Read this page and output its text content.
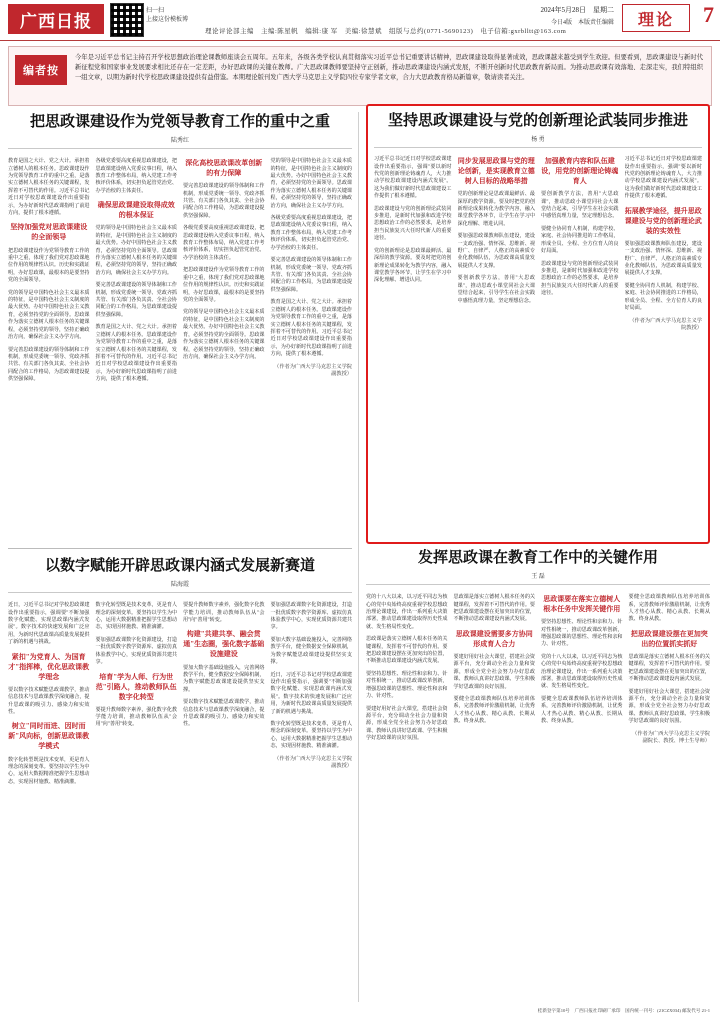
广西日报
扫一扫
上接这份模板博
理论评论部主编　主编:陈星帆　编辑:康 军　美编:徐慧斌　组版与总约(0771-5690123)　电子信箱:gxrblltt@163.com
2024年5月28日　星期二
今日4版　本版责任编辑	理论	7
编者按
今年是习近平总书记主持召开学校思想政治理论课教师座谈会五周年。五年来，各级各类学校认真贯彻落实习近平总书记重要讲话精神，思政课建设取得显著成效，思政课越来越受到学生欢迎。但要看到，思政课建设与新时代新征程党和国家事业发展要求相比还存在一定差距，办好思政课的关键在教师。广大思政课教师要坚持守正创新，推动思政课建设内涵式发展，不断开创新时代思政教育新局面。为推动思政课有效落地、走深走实，我们特组织一组文章，以期为新时代学校思政课建设提供有益借鉴。本期理论版刊发广西大学马克思主义学院四位专家学者文章，合力大思政教育格局新篇章，敬请读者关注。
把思政课建设作为党领导教育工作的重中之重
陆秀红

教育是国之大计、党之大计。承担着立德树人的根本任务。思政课建设作为党领导教育工作的重中之重，是落实立德树人根本任务的关键课程，发挥着不可替代的作用。习近平总书记近日对学校思政课建设作出重要指示，为办好新时代思政课指明了前进方向，提供了根本遵循。

坚持加强党对思政课建设的全面领导

把思政课建设作为党领导教育工作的重中之重，体现了我们党对思政课地位作用的规律性认识。历史和实践证明，办好思政课，最根本的是要坚持党的全面领导。

党的领导是中国特色社会主义最本质的特征，是中国特色社会主义制度的最大优势。办好中国特色社会主义教育，必须坚持党的全面领导。思政课作为落实立德树人根本任务的关键课程，必须坚持党的领导，坚持正确政治方向，确保社会主义办学方向。

要完善思政课建设的领导体制和工作机制，形成党委统一领导、党政齐抓共管、有关部门各负其责、全社会协同配合的工作格局，为思政课建设提供坚强保障。

各级党委要高度重视思政课建设，把思政课建设纳入党委议事日程，纳入教育工作整体布局，纳入党建工作考核评价体系，切实担负起管党治党、办学治校的主体责任。

确保思政课建设取得成效的根本保证

党的领导是中国特色社会主义最本质的特征，是中国特色社会主义制度的最大优势。办好中国特色社会主义教育，必须坚持党的全面领导。思政课作为落实立德树人根本任务的关键课程，必须坚持党的领导，坚持正确政治方向，确保社会主义办学方向。

要完善思政课建设的领导体制和工作机制，形成党委统一领导、党政齐抓共管、有关部门各负其责、全社会协同配合的工作格局，为思政课建设提供坚强保障。

教育是国之大计、党之大计。承担着立德树人的根本任务。思政课建设作为党领导教育工作的重中之重，是落实立德树人根本任务的关键课程，发挥着不可替代的作用。习近平总书记近日对学校思政课建设作出重要指示，为办好新时代思政课指明了前进方向，提供了根本遵循。

深化高校思政课改革创新的有力保障

要完善思政课建设的领导体制和工作机制，形成党委统一领导、党政齐抓共管、有关部门各负其责、全社会协同配合的工作格局，为思政课建设提供坚强保障。

各级党委要高度重视思政课建设，把思政课建设纳入党委议事日程，纳入教育工作整体布局，纳入党建工作考核评价体系，切实担负起管党治党、办学治校的主体责任。

把思政课建设作为党领导教育工作的重中之重，体现了我们党对思政课地位作用的规律性认识。历史和实践证明，办好思政课，最根本的是要坚持党的全面领导。

党的领导是中国特色社会主义最本质的特征，是中国特色社会主义制度的最大优势。办好中国特色社会主义教育，必须坚持党的全面领导。思政课作为落实立德树人根本任务的关键课程，必须坚持党的领导，坚持正确政治方向，确保社会主义办学方向。

党的领导是中国特色社会主义最本质的特征，是中国特色社会主义制度的最大优势。办好中国特色社会主义教育，必须坚持党的全面领导。思政课作为落实立德树人根本任务的关键课程，必须坚持党的领导，坚持正确政治方向，确保社会主义办学方向。

各级党委要高度重视思政课建设，把思政课建设纳入党委议事日程，纳入教育工作整体布局，纳入党建工作考核评价体系，切实担负起管党治党、办学治校的主体责任。

要完善思政课建设的领导体制和工作机制，形成党委统一领导、党政齐抓共管、有关部门各负其责、全社会协同配合的工作格局，为思政课建设提供坚强保障。

教育是国之大计、党之大计。承担着立德树人的根本任务。思政课建设作为党领导教育工作的重中之重，是落实立德树人根本任务的关键课程，发挥着不可替代的作用。习近平总书记近日对学校思政课建设作出重要指示，为办好新时代思政课指明了前进方向，提供了根本遵循。

（作者为广西大学马克思主义学院副教授）
坚持思政课建设与党的创新理论武装同步推进
杨 勇

习近平总书记近日对学校思政课建设作出重要指示，强调"要以新时代党的创新理论铸魂育人，大力推动学校思政课建设内涵式发展"。这为我们做好新时代思政课建设工作提供了根本遵循。

思政课建设与党的创新理论武装同步推进，是新时代加强和改进学校思想政治工作的必然要求，是培养担当民族复兴大任时代新人的重要途径。

党的创新理论是思政课最鲜活、最深厚的教学资源。要及时把党的创新理论成果转化为教学内容，融入课堂教学各环节，让学生在学习中深化理解、增进认同。

同步发展思政课与党的理论创新，是实现教育立德树人目标的战略举措

党的创新理论是思政课最鲜活、最深厚的教学资源。要及时把党的创新理论成果转化为教学内容，融入课堂教学各环节，让学生在学习中深化理解、增进认同。

要加强思政课教师队伍建设，建设一支政治强、情怀深、思维新、视野广、自律严、人格正的高素质专业化教师队伍，为思政课高质量发展提供人才支撑。

要创新教学方法，善用"大思政课"，推动思政小课堂同社会大课堂结合起来，引导学生在社会实践中感悟真理力量，坚定理想信念。

加强教育内容和队伍建设，用党的创新理论铸魂育人

要创新教学方法，善用"大思政课"，推动思政小课堂同社会大课堂结合起来，引导学生在社会实践中感悟真理力量，坚定理想信念。

要健全协同育人机制，构建学校、家庭、社会协同推进的工作格局，形成全员、全程、全方位育人的良好局面。

思政课建设与党的创新理论武装同步推进，是新时代加强和改进学校思想政治工作的必然要求，是培养担当民族复兴大任时代新人的重要途径。

习近平总书记近日对学校思政课建设作出重要指示，强调"要以新时代党的创新理论铸魂育人，大力推动学校思政课建设内涵式发展"。这为我们做好新时代思政课建设工作提供了根本遵循。

拓展教学途径，提升思政课建设与党的创新理论武装的实效性

要加强思政课教师队伍建设，建设一支政治强、情怀深、思维新、视野广、自律严、人格正的高素质专业化教师队伍，为思政课高质量发展提供人才支撑。

要健全协同育人机制，构建学校、家庭、社会协同推进的工作格局，形成全员、全程、全方位育人的良好局面。

（作者为广西大学马克思主义学院教授）
发挥思政课在教育工作中的关键作用
王 磊

党的十八大以来，以习近平同志为核心的党中央始终高度重视学校思想政治理论课建设，作出一系列重大决策部署，推动思政课建设取得历史性成就、发生格局性变化。

思政课是落实立德树人根本任务的关键课程，发挥着不可替代的作用。要把思政课建设摆在更加突出的位置，不断推动思政课建设内涵式发展。

要坚持思想性、理论性和亲和力、针对性相统一，推动思政课改革创新，增强思政课的思想性、理论性和亲和力、针对性。

要建好用好社会大课堂，搭建社会资源平台，充分调动全社会力量和资源，形成全党全社会努力办好思政课、教师认真讲好思政课、学生积极学好思政课的良好氛围。

思政课是落实立德树人根本任务的关键课程，发挥着不可替代的作用。要把思政课建设摆在更加突出的位置，不断推动思政课建设内涵式发展。

思政课建设需要多方协同形成育人合力

要建好用好社会大课堂，搭建社会资源平台，充分调动全社会力量和资源，形成全党全社会努力办好思政课、教师认真讲好思政课、学生积极学好思政课的良好氛围。

要健全思政课教师队伍培养培训体系，完善教师评价激励机制，让优秀人才热心从教、精心从教、长期从教、终身从教。

思政课要在落实立德树人根本任务中发挥关键作用

要坚持思想性、理论性和亲和力、针对性相统一，推动思政课改革创新，增强思政课的思想性、理论性和亲和力、针对性。

党的十八大以来，以习近平同志为核心的党中央始终高度重视学校思想政治理论课建设，作出一系列重大决策部署，推动思政课建设取得历史性成就、发生格局性变化。

要健全思政课教师队伍培养培训体系，完善教师评价激励机制，让优秀人才热心从教、精心从教、长期从教、终身从教。

要健全思政课教师队伍培养培训体系，完善教师评价激励机制，让优秀人才热心从教、精心从教、长期从教、终身从教。

把思政课建设摆在更加突出的位置抓实抓好

思政课是落实立德树人根本任务的关键课程，发挥着不可替代的作用。要把思政课建设摆在更加突出的位置，不断推动思政课建设内涵式发展。

要建好用好社会大课堂，搭建社会资源平台，充分调动全社会力量和资源，形成全党全社会努力办好思政课、教师认真讲好思政课、学生积极学好思政课的良好氛围。

（作者为广西大学马克思主义学院副院长、教授、博士生导师）
以数字赋能开辟思政课内涵式发展新赛道
陆海霞

近日，习近平总书记对学校思政课建设作出重要指示，强调要"不断加强数字化赋能、实现思政课内涵式发展"。数字技术的快速发展和广泛应用，为新时代思政课高质量发展提供了新的机遇与挑战。

紧扣"为党育人、为国育才"指挥棒，优化思政课教学理念

要以数字技术赋能思政课教学，推动信息技术与思政课教学深度融合，提升思政课的吸引力、感染力和实效性。

树立"同时而进、因时而新"风向标，创新思政课教学模式

数字化转型既是技术变革，更是育人理念的深刻变革。要坚持以学生为中心，运用大数据精准把握学生思想动态，实现因材施教、精准滴灌。

数字化转型既是技术变革，更是育人理念的深刻变革。要坚持以学生为中心，运用大数据精准把握学生思想动态，实现因材施教、精准滴灌。

要加强思政课数字化资源建设，打造一批优质数字教学资源库、虚拟仿真体验教学中心，实现优质资源共建共享。

培育"学为人师、行为世范"引路人，推动教师队伍数字化转型

要提升教师数字素养，强化数字化教学能力培训，推动教师队伍从"会用"向"善用"转变。

要提升教师数字素养，强化数字化教学能力培训，推动教师队伍从"会用"向"善用"转变。

构建"共建共享、融会贯通"生态圈，强化数字基础设施建设

要加大数字基础设施投入，完善网络教学平台，健全数据安全保障机制，为数字赋能思政课建设提供坚实支撑。

要以数字技术赋能思政课教学，推动信息技术与思政课教学深度融合，提升思政课的吸引力、感染力和实效性。

要加强思政课数字化资源建设，打造一批优质数字教学资源库、虚拟仿真体验教学中心，实现优质资源共建共享。

要加大数字基础设施投入，完善网络教学平台，健全数据安全保障机制，为数字赋能思政课建设提供坚实支撑。

近日，习近平总书记对学校思政课建设作出重要指示，强调要"不断加强数字化赋能、实现思政课内涵式发展"。数字技术的快速发展和广泛应用，为新时代思政课高质量发展提供了新的机遇与挑战。

数字化转型既是技术变革，更是育人理念的深刻变革。要坚持以学生为中心，运用大数据精准把握学生思想动态，实现因材施教、精准滴灌。

（作者为广西大学马克思主义学院副教授）
桂新登字第10号　广西日报社印刷厂承印　国内统一刊号：(21CZX034) 邮发代号 21-1
